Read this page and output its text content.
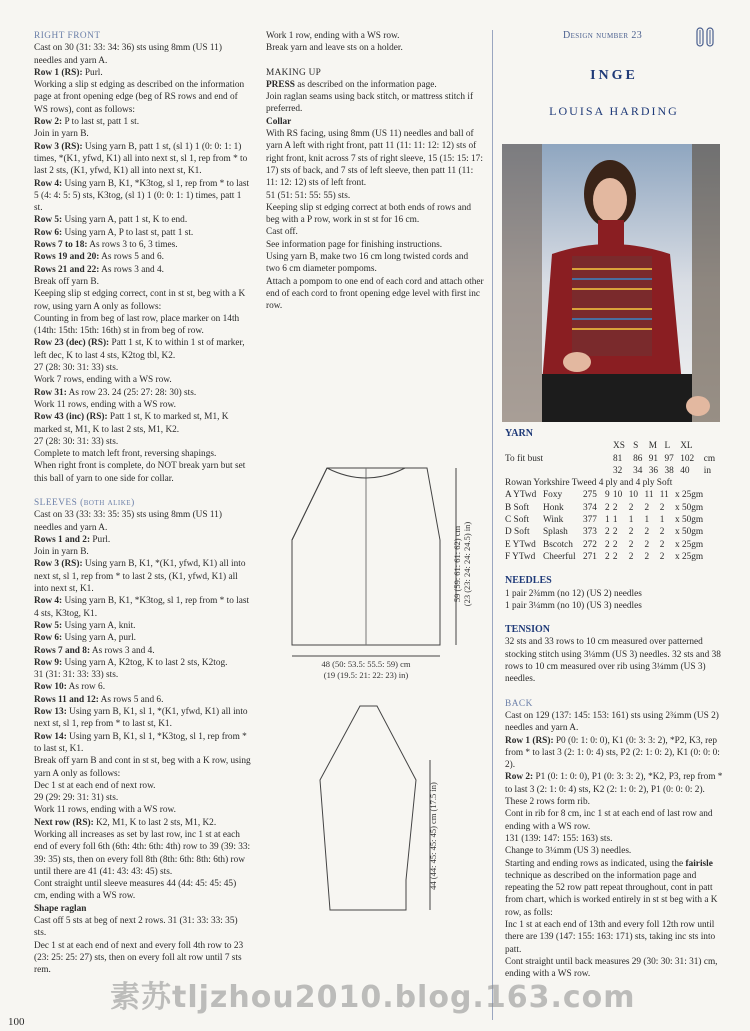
RIGHT FRONT
Cast on 30 (31: 33: 34: 36) sts using 8mm (US 11) needles and yarn A.
Row 1 (RS): Purl.
Working a slip st edging as described on the information page at front opening edge (beg of RS rows and end of WS rows), cont as follows:
Row 2: P to last st, patt 1 st.
Join in yarn B.
Row 3 (RS): Using yarn B, patt 1 st, (sl 1) 1 (0: 0: 1: 1) times, *(K1, yfwd, K1) all into next st, sl 1, rep from * to last 2 sts, (K1, yfwd, K1) all into next st, K1.
Row 4: Using yarn B, K1, *K3tog, sl 1, rep from * to last 5 (4: 4: 5: 5) sts, K3tog, (sl 1) 1 (0: 0: 1: 1) times, patt 1 st.
Row 5: Using yarn A, patt 1 st, K to end.
Row 6: Using yarn A, P to last st, patt 1 st.
Rows 7 to 18: As rows 3 to 6, 3 times.
Rows 19 and 20: As rows 5 and 6.
Rows 21 and 22: As rows 3 and 4.
Break off yarn B.
Keeping slip st edging correct, cont in st st, beg with a K row, using yarn A only as follows:
Counting in from beg of last row, place marker on 14th (14th: 15th: 15th: 16th) st in from beg of row.
Row 23 (dec) (RS): Patt 1 st, K to within 1 st of marker, left dec, K to last 4 sts, K2tog tbl, K2.
27 (28: 30: 31: 33) sts.
Work 7 rows, ending with a WS row.
Row 31: As row 23. 24 (25: 27: 28: 30) sts.
Work 11 rows, ending with a WS row.
Row 43 (inc) (RS): Patt 1 st, K to marked st, M1, K marked st, M1, K to last 2 sts, M1, K2.
27 (28: 30: 31: 33) sts.
Complete to match left front, reversing shapings.
When right front is complete, do NOT break yarn but set this ball of yarn to one side for collar.
SLEEVES (both alike)
Cast on 33 (33: 33: 35: 35) sts using 8mm (US 11) needles and yarn A.
Rows 1 and 2: Purl.
Join in yarn B.
Row 3 (RS): Using yarn B, K1, *(K1, yfwd, K1) all into next st, sl 1, rep from * to last 2 sts, (K1, yfwd, K1) all into next st, K1.
Row 4: Using yarn B, K1, *K3tog, sl 1, rep from * to last 4 sts, K3tog, K1.
Row 5: Using yarn A, knit.
Row 6: Using yarn A, purl.
Rows 7 and 8: As rows 3 and 4.
Row 9: Using yarn A, K2tog, K to last 2 sts, K2tog.
31 (31: 31: 33: 33) sts.
Row 10: As row 6.
Rows 11 and 12: As rows 5 and 6.
Row 13: Using yarn B, K1, sl 1, *(K1, yfwd, K1) all into next st, sl 1, rep from * to last st, K1.
Row 14: Using yarn B, K1, sl 1, *K3tog, sl 1, rep from * to last st, K1.
Break off yarn B and cont in st st, beg with a K row, using yarn A only as follows:
Dec 1 st at each end of next row.
29 (29: 29: 31: 31) sts.
Work 11 rows, ending with a WS row.
Next row (RS): K2, M1, K to last 2 sts, M1, K2.
Working all increases as set by last row, inc 1 st at each end of every foll 6th (6th: 4th: 6th: 4th) row to 39 (39: 33: 39: 35) sts, then on every foll 8th (8th: 6th: 8th: 6th) row until there are 41 (41: 43: 43: 45) sts.
Cont straight until sleeve measures 44 (44: 45: 45: 45) cm, ending with a WS row.
Shape raglan
Cast off 5 sts at beg of next 2 rows. 31 (31: 33: 33: 35) sts.
Dec 1 st at each end of next and every foll 4th row to 23 (23: 25: 25: 27) sts, then on every foll alt row until 7 sts rem.
Work 1 row, ending with a WS row.
Break yarn and leave sts on a holder.
MAKING UP
PRESS as described on the information page.
Join raglan seams using back stitch, or mattress stitch if preferred.
Collar
With RS facing, using 8mm (US 11) needles and ball of yarn A left with right front, patt 11 (11: 11: 12: 12) sts of right front, knit across 7 sts of right sleeve, 15 (15: 15: 17: 17) sts of back, and 7 sts of left sleeve, then patt 11 (11: 11: 12: 12) sts of left front.
51 (51: 51: 55: 55) sts.
Keeping slip st edging correct at both ends of rows and beg with a P row, work in st st for 16 cm.
Cast off.
See information page for finishing instructions.
Using yarn B, make two 16 cm long twisted cords and two 6 cm diameter pompoms.
Attach a pompom to one end of each cord and attach other end of each cord to front opening edge level with first inc row.
59 (59: 61: 61: 62) cm (23 (23: 24: 24: 24.5) in)
48 (50: 53.5: 55.5: 59) cm
(19 (19.5: 21: 22: 23) in)
44 (44: 45: 45: 45) cm (17.5 in)
Design number 23
INGE
LOUISA HARDING
YARN
	XS	S	M	L	XL	
To fit bust	81	86	91	97	102	cm
	32	34	36	38	40	in
Rowan Yorkshire Tweed 4 ply and 4 ply Soft
A YTwd	Foxy	275	9	10	10	11	11	x 25gm
B Soft	Honk	374	2	2	2	2	2	x 50gm
C Soft	Wink	377	1	1	1	1	1	x 50gm
D Soft	Splash	373	2	2	2	2	2	x 50gm
E YTwd	Bscotch	272	2	2	2	2	2	x 25gm
F YTwd	Cheerful	271	2	2	2	2	2	x 25gm
NEEDLES
1 pair 2¾mm (no 12) (US 2) needles
1 pair 3¼mm (no 10) (US 3) needles
TENSION
32 sts and 33 rows to 10 cm measured over patterned stocking stitch using 3¼mm (US 3) needles. 32 sts and 38 rows to 10 cm measured over rib using 3¼mm (US 3) needles.
BACK
Cast on 129 (137: 145: 153: 161) sts using 2¾mm (US 2) needles and yarn A.
Row 1 (RS): P0 (0: 1: 0: 0), K1 (0: 3: 3: 2), *P2, K3, rep from * to last 3 (2: 1: 0: 4) sts, P2 (2: 1: 0: 2), K1 (0: 0: 0: 2).
Row 2: P1 (0: 1: 0: 0), P1 (0: 3: 3: 2), *K2, P3, rep from * to last 3 (2: 1: 0: 4) sts, K2 (2: 1: 0: 2), P1 (0: 0: 0: 2).
These 2 rows form rib.
Cont in rib for 8 cm, inc 1 st at each end of last row and ending with a WS row.
131 (139: 147: 155: 163) sts.
Change to 3¼mm (US 3) needles.
Starting and ending rows as indicated, using the fairisle technique as described on the information page and repeating the 52 row patt repeat throughout, cont in patt from chart, which is worked entirely in st st beg with a K row, as folls:
Inc 1 st at each end of 13th and every foll 12th row until there are 139 (147: 155: 163: 171) sts, taking inc sts into patt.
Cont straight until back measures 29 (30: 30: 31: 31) cm, ending with a WS row.
素苏tljzhou2010.blog.163.com
100
